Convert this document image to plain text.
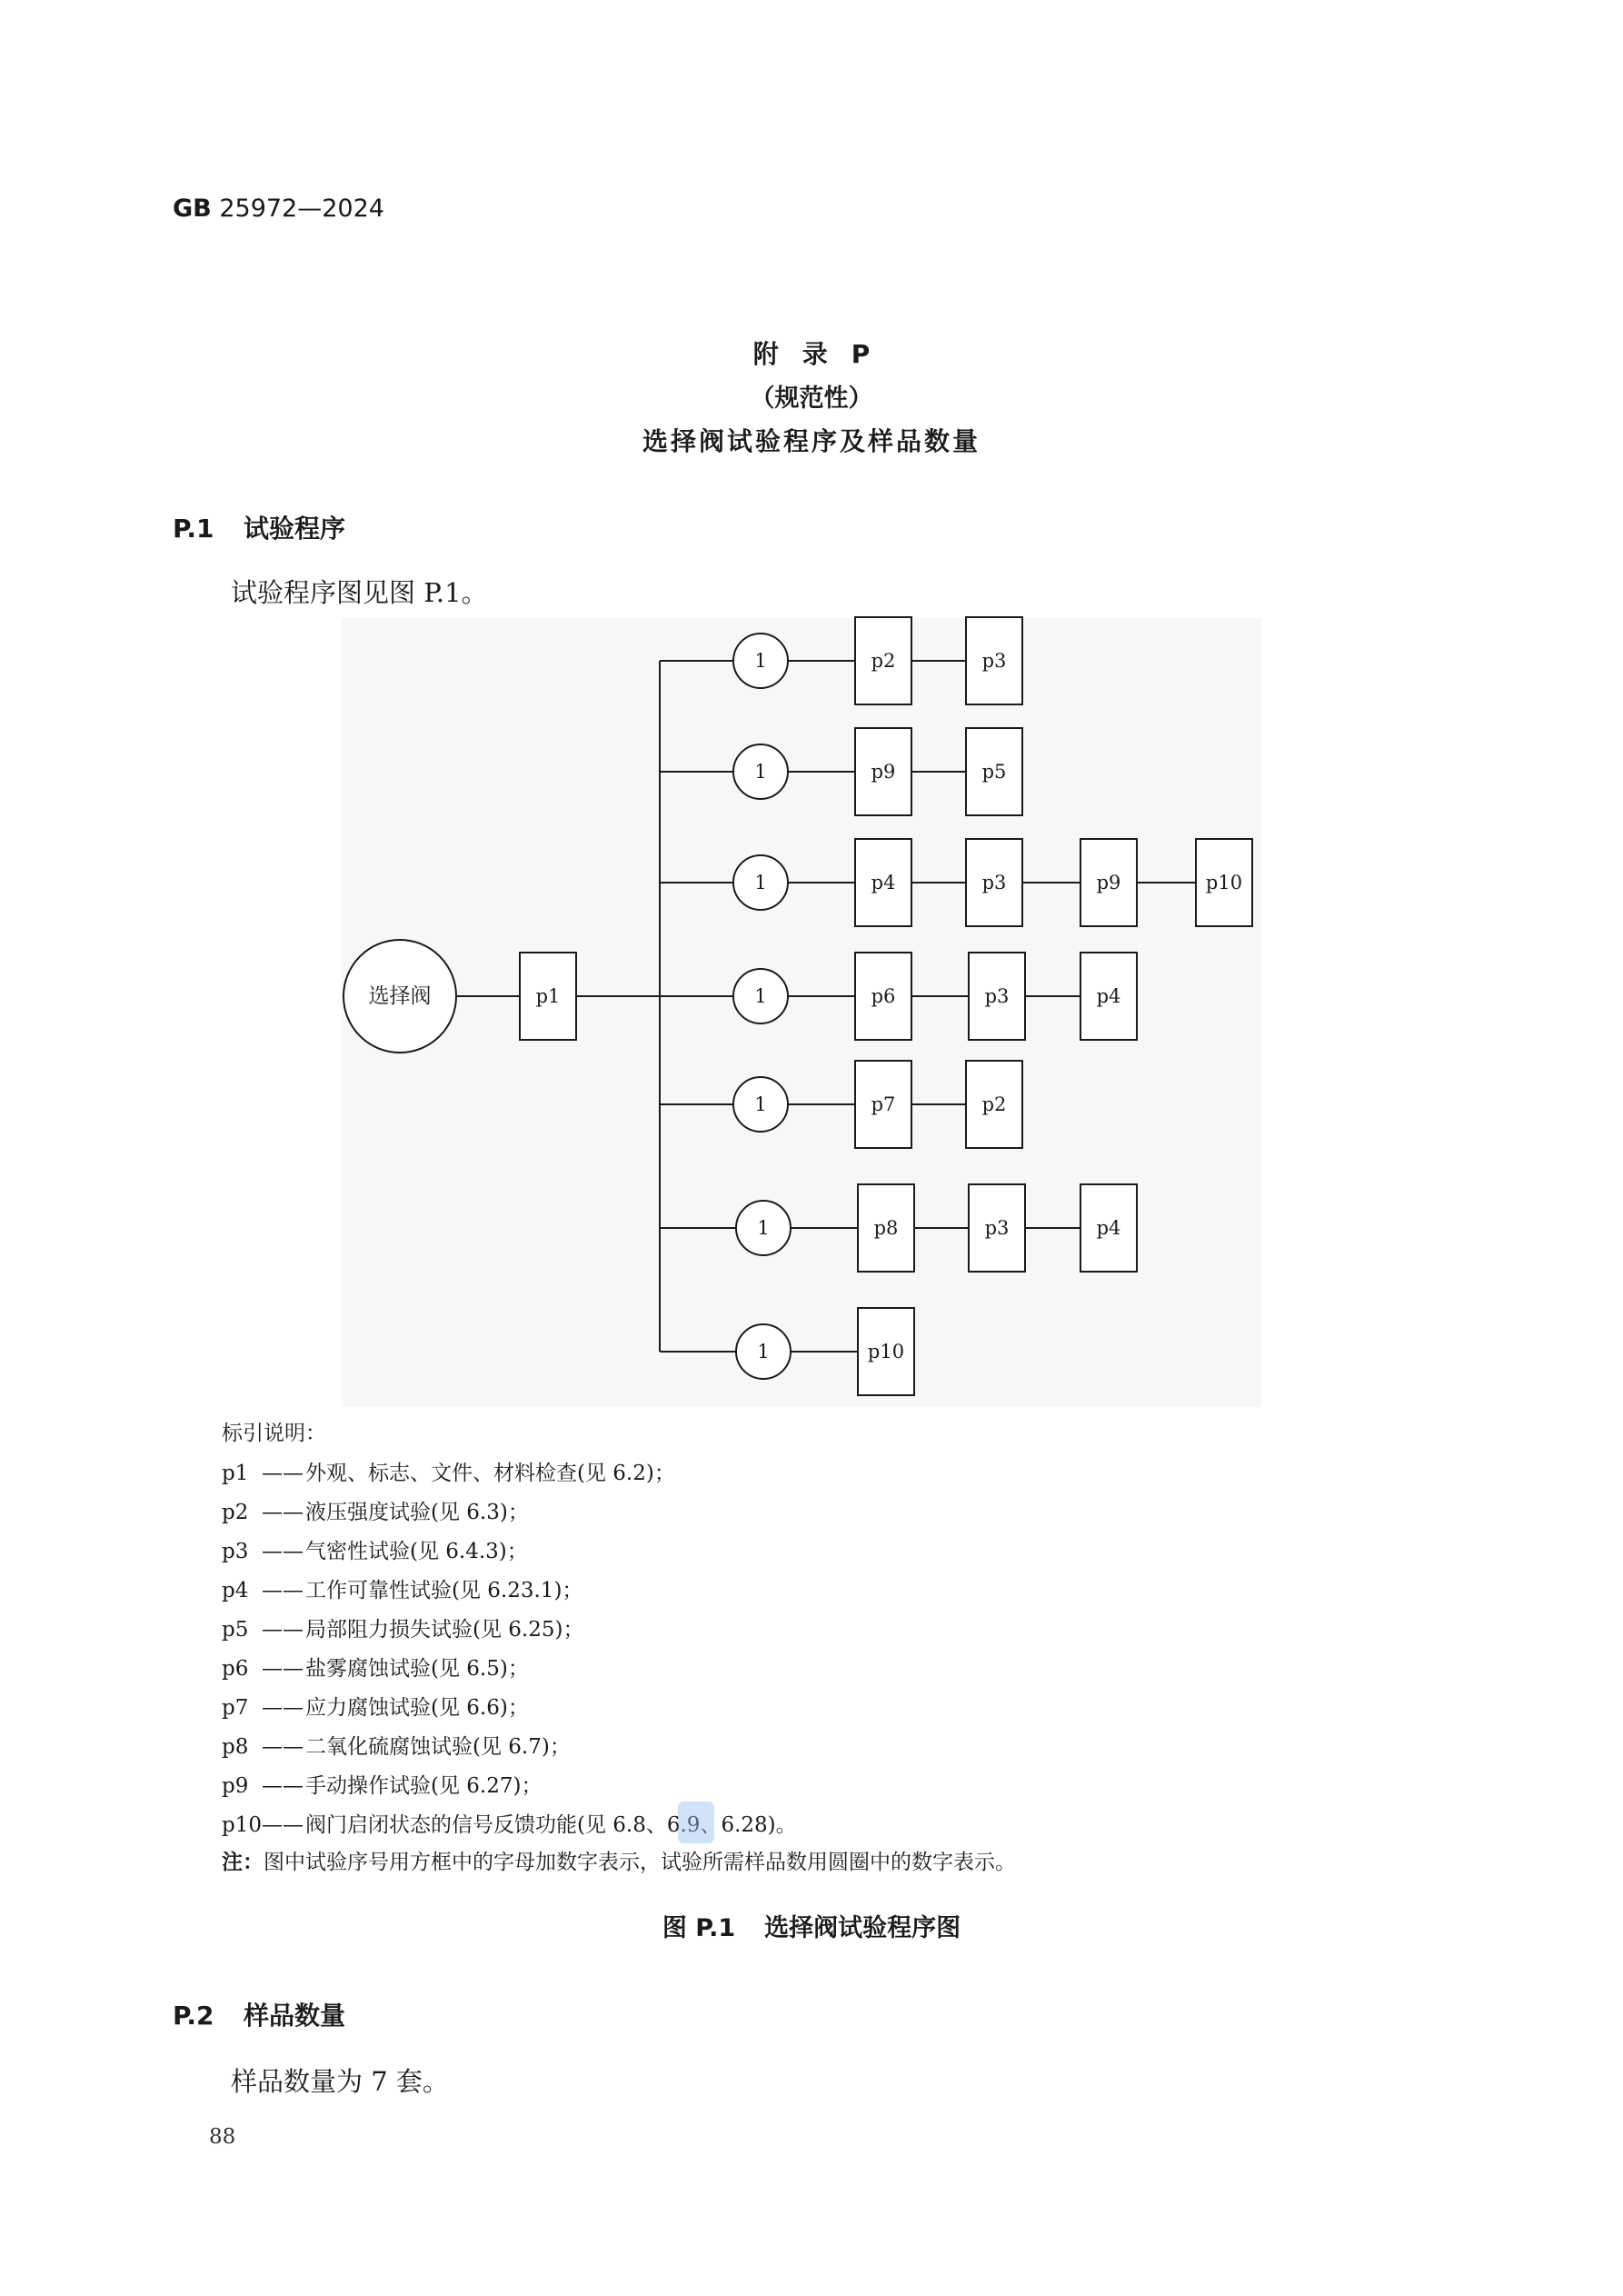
GB 25972—2024
附录P
（规范性）
选择阀试验程序及样品数量
P.1 试验程序
试验程序图见图 P.1。
选择阀	p1
1	p2	p3
1	p9	p5
1	p4	p3	p9	p10
1	p6	p3	p4
1	p7	p2
1	p8	p3	p4
1	p10
标引说明：
p1 ——外观、标志、文件、材料检查(见 6.2)；
p2 ——液压强度试验(见 6.3)；
p3 ——气密性试验(见 6.4.3)；
p4 ——工作可靠性试验(见 6.23.1)；
p5 ——局部阻力损失试验(见 6.25)；
p6 ——盐雾腐蚀试验(见 6.5)；
p7 ——应力腐蚀试验(见 6.6)；
p8 ——二氧化硫腐蚀试验(见 6.7)；
p9 ——手动操作试验(见 6.27)；
p10——阀门启闭状态的信号反馈功能(见 6.8、6.9、6.28)。
注：图中试验序号用方框中的字母加数字表示，试验所需样品数用圆圈中的数字表示。
图 P.1 选择阀试验程序图
P.2 样品数量
样品数量为 7 套。
88
